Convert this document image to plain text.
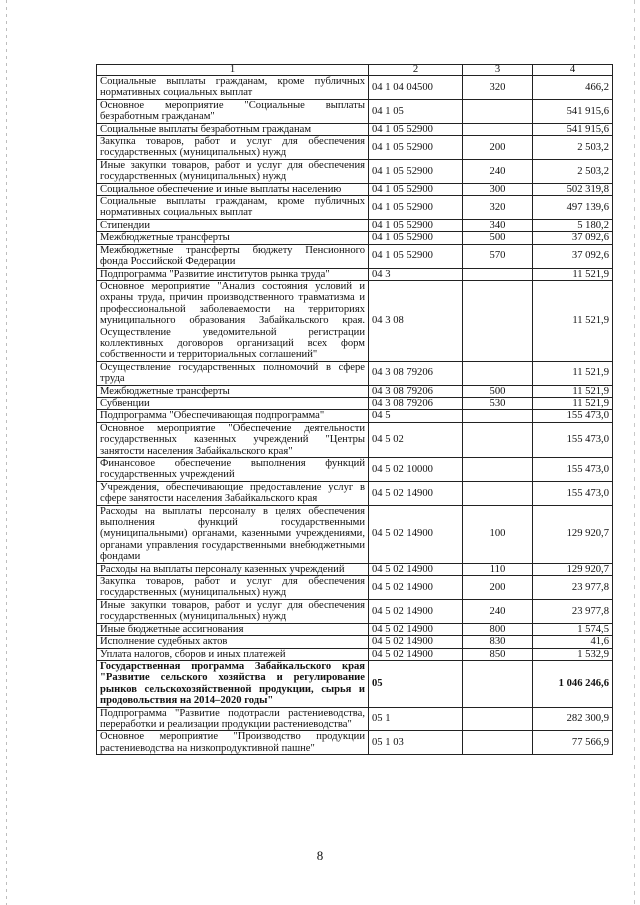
1	2	3	4
Социальные выплаты гражданам, кроме публичных нормативных социальных выплат	04 1 04 04500	320	466,2
Основное мероприятие "Социальные выплаты безработным гражданам"	04 1 05		541 915,6
Социальные выплаты безработным гражданам	04 1 05 52900		541 915,6
Закупка товаров, работ и услуг для обеспечения государственных (муниципальных) нужд	04 1 05 52900	200	2 503,2
Иные закупки товаров, работ и услуг для обеспечения государственных (муниципальных) нужд	04 1 05 52900	240	2 503,2
Социальное обеспечение и иные выплаты населению	04 1 05 52900	300	502 319,8
Социальные выплаты гражданам, кроме публичных нормативных социальных выплат	04 1 05 52900	320	497 139,6
Стипендии	04 1 05 52900	340	5 180,2
Межбюджетные трансферты	04 1 05 52900	500	37 092,6
Межбюджетные трансферты бюджету Пенсионного фонда Российской Федерации	04 1 05 52900	570	37 092,6
Подпрограмма "Развитие институтов рынка труда"	04 3		11 521,9
Основное мероприятие "Анализ состояния условий и охраны труда, причин производственного травматизма и профессиональной заболеваемости на территориях муниципального образования Забайкальского края. Осуществление уведомительной регистрации коллективных договоров организаций всех форм собственности и территориальных соглашений"	04 3 08		11 521,9
Осуществление государственных полномочий в сфере труда	04 3 08 79206		11 521,9
Межбюджетные трансферты	04 3 08 79206	500	11 521,9
Субвенции	04 3 08 79206	530	11 521,9
Подпрограмма "Обеспечивающая подпрограмма"	04 5		155 473,0
Основное мероприятие "Обеспечение деятельности государственных казенных учреждений "Центры занятости населения Забайкальского края"	04 5 02		155 473,0
Финансовое обеспечение выполнения функций государственных учреждений	04 5 02 10000		155 473,0
Учреждения, обеспечивающие предоставление услуг в сфере занятости населения Забайкальского края	04 5 02 14900		155 473,0
Расходы на выплаты персоналу в целях обеспечения выполнения функций государственными (муниципальными) органами, казенными учреждениями, органами управления государственными внебюджетными фондами	04 5 02 14900	100	129 920,7
Расходы на выплаты персоналу казенных учреждений	04 5 02 14900	110	129 920,7
Закупка товаров, работ и услуг для обеспечения государственных (муниципальных) нужд	04 5 02 14900	200	23 977,8
Иные закупки товаров, работ и услуг для обеспечения государственных (муниципальных) нужд	04 5 02 14900	240	23 977,8
Иные бюджетные ассигнования	04 5 02 14900	800	1 574,5
Исполнение судебных актов	04 5 02 14900	830	41,6
Уплата налогов, сборов и иных платежей	04 5 02 14900	850	1 532,9
Государственная программа Забайкальского края "Развитие сельского хозяйства и регулирование рынков сельскохозяйственной продукции, сырья и продовольствия на 2014–2020 годы"	05		1 046 246,6
Подпрограмма "Развитие подотрасли растениеводства, переработки и реализации продукции растениеводства"	05 1		282 300,9
Основное мероприятие "Производство продукции растениеводства на низкопродуктивной пашне"	05 1 03		77 566,9
8
